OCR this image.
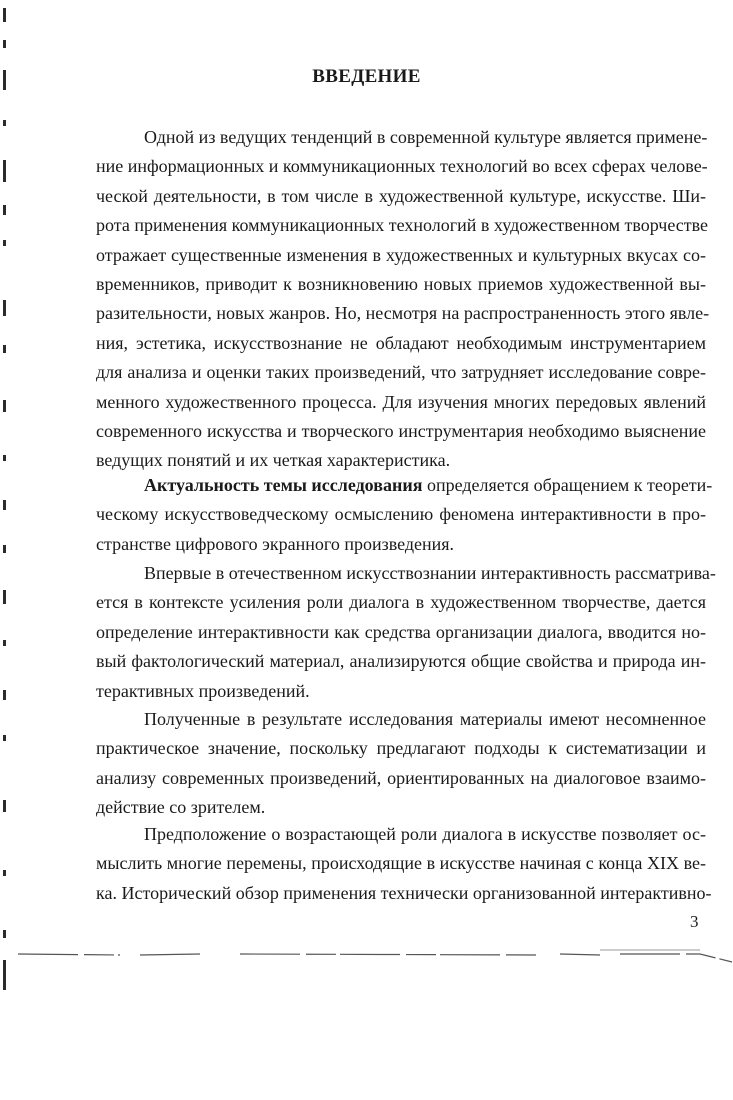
ВВЕДЕНИЕ

Одной из ведущих тенденций в современной культуре является примене-
ние информационных и коммуникационных технологий во всех сферах челове-
ческой деятельности, в том числе в художественной культуре, искусстве. Ши-
рота применения коммуникационных технологий в художественном творчестве
отражает существенные изменения в художественных и культурных вкусах со-
временников, приводит к возникновению новых приемов художественной вы-
разительности, новых жанров. Но, несмотря на распространенность этого явле-
ния, эстетика, искусствознание не обладают необходимым инструментарием
для анализа и оценки таких произведений, что затрудняет исследование совре-
менного художественного процесса. Для изучения многих передовых явлений
современного искусства и творческого инструментария необходимо выяснение
ведущих понятий и их четкая характеристика.

Актуальность темы исследования определяется обращением к теорети-
ческому искусствоведческому осмыслению феномена интерактивности в про-
странстве цифрового экранного произведения.

Впервые в отечественном искусствознании интерактивность рассматрива-
ется в контексте усиления роли диалога в художественном творчестве, дается
определение интерактивности как средства организации диалога, вводится но-
вый фактологический материал, анализируются общие свойства и природа ин-
терактивных произведений.

Полученные в результате исследования материалы имеют несомненное
практическое значение, поскольку предлагают подходы к систематизации и
анализу современных произведений, ориентированных на диалоговое взаимо-
действие со зрителем.

Предположение о возрастающей роли диалога в искусстве позволяет ос-
мыслить многие перемены, происходящие в искусстве начиная с конца XIX ве-
ка. Исторический обзор применения технически организованной интерактивно-

3
